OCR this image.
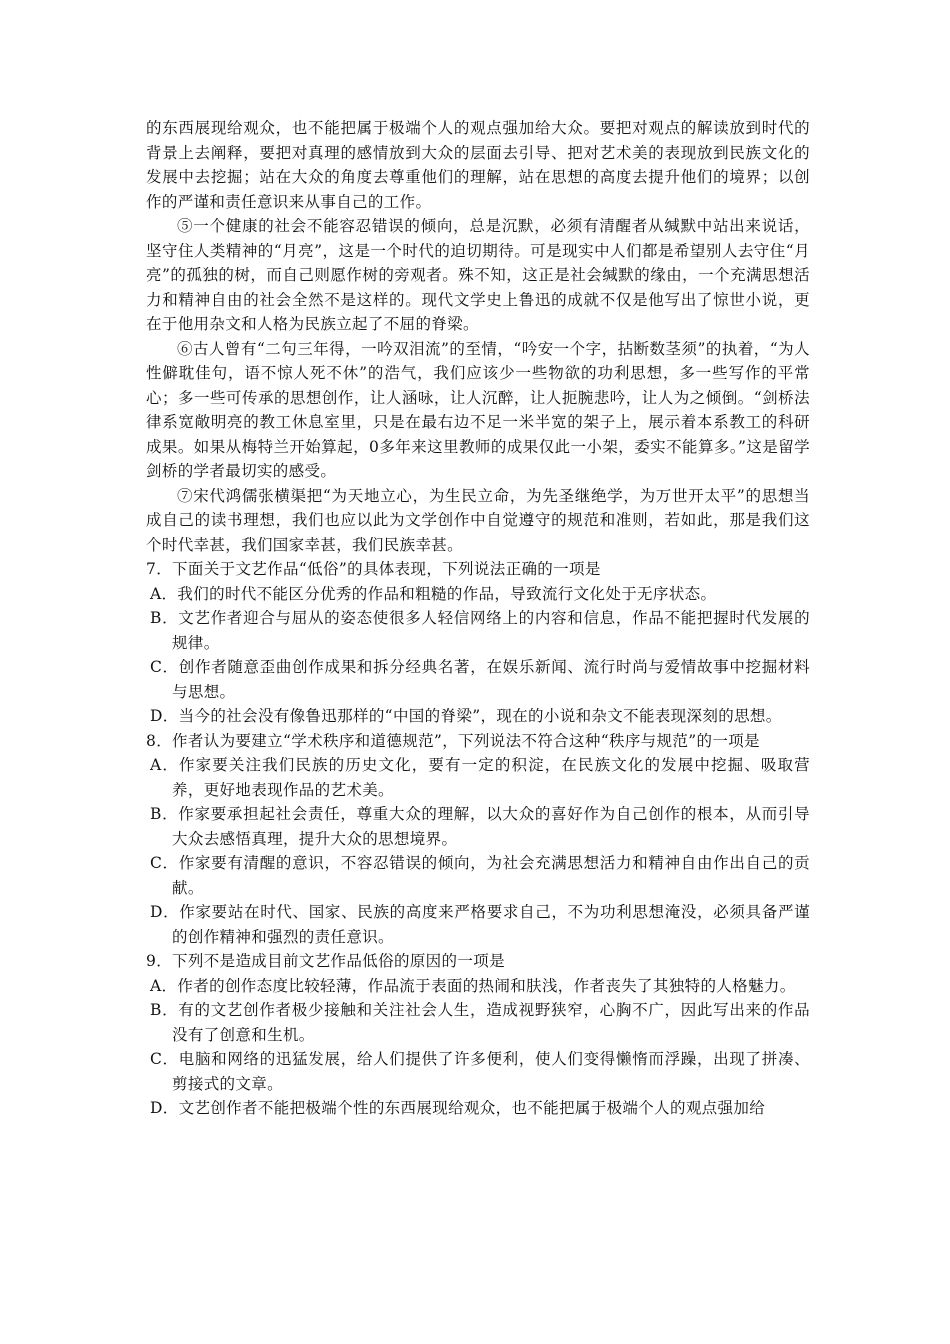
的东西展现给观众，也不能把属于极端个人的观点强加给大众。要把对观点的解读放到时代的背景上去阐释，要把对真理的感情放到大众的层面去引导、把对艺术美的表现放到民族文化的发展中去挖掘；站在大众的角度去尊重他们的理解，站在思想的高度去提升他们的境界；以创作的严谨和责任意识来从事自己的工作。

⑤一个健康的社会不能容忍错误的倾向，总是沉默，必须有清醒者从缄默中站出来说话，坚守住人类精神的“月亮”，这是一个时代的迫切期待。可是现实中人们都是希望别人去守住“月亮”的孤独的树，而自己则愿作树的旁观者。殊不知，这正是社会缄默的缘由，一个充满思想活力和精神自由的社会全然不是这样的。现代文学史上鲁迅的成就不仅是他写出了惊世小说，更在于他用杂文和人格为民族立起了不屈的脊梁。

⑥古人曾有“二句三年得，一吟双泪流”的至情，“吟安一个字，拈断数茎须”的执着，“为人性僻耽佳句，语不惊人死不休”的浩气，我们应该少一些物欲的功利思想，多一些写作的平常心；多一些可传承的思想创作，让人涵咏，让人沉醉，让人扼腕悲吟，让人为之倾倒。“剑桥法律系宽敞明亮的教工休息室里，只是在最右边不足一米半宽的架子上，展示着本系教工的科研成果。如果从梅特兰开始算起，0多年来这里教师的成果仅此一小架，委实不能算多。”这是留学剑桥的学者最切实的感受。

⑦宋代鸿儒张横渠把“为天地立心，为生民立命，为先圣继绝学，为万世开太平”的思想当成自己的读书理想，我们也应以此为文学创作中自觉遵守的规范和准则，若如此，那是我们这个时代幸甚，我们国家幸甚，我们民族幸甚。

7．下面关于文艺作品“低俗”的具体表现，下列说法正确的一项是

A．我们的时代不能区分优秀的作品和粗糙的作品，导致流行文化处于无序状态。

B．文艺作者迎合与屈从的姿态使很多人轻信网络上的内容和信息，作品不能把握时代发展的规律。

C．创作者随意歪曲创作成果和拆分经典名著，在娱乐新闻、流行时尚与爱情故事中挖掘材料与思想。

D．当今的社会没有像鲁迅那样的“中国的脊梁”，现在的小说和杂文不能表现深刻的思想。

8．作者认为要建立“学术秩序和道德规范”，下列说法不符合这种“秩序与规范”的一项是

A．作家要关注我们民族的历史文化，要有一定的积淀，在民族文化的发展中挖掘、吸取营养，更好地表现作品的艺术美。

B．作家要承担起社会责任，尊重大众的理解，以大众的喜好作为自己创作的根本，从而引导大众去感悟真理，提升大众的思想境界。

C．作家要有清醒的意识，不容忍错误的倾向，为社会充满思想活力和精神自由作出自己的贡献。

D．作家要站在时代、国家、民族的高度来严格要求自己，不为功利思想淹没，必须具备严谨的创作精神和强烈的责任意识。

9．下列不是造成目前文艺作品低俗的原因的一项是

A．作者的创作态度比较轻薄，作品流于表面的热闹和肤浅，作者丧失了其独特的人格魅力。

B．有的文艺创作者极少接触和关注社会人生，造成视野狭窄，心胸不广，因此写出来的作品没有了创意和生机。

C．电脑和网络的迅猛发展，给人们提供了许多便利，使人们变得懒惰而浮躁，出现了拼凑、剪接式的文章。

D．文艺创作者不能把极端个性的东西展现给观众，也不能把属于极端个人的观点强加给
